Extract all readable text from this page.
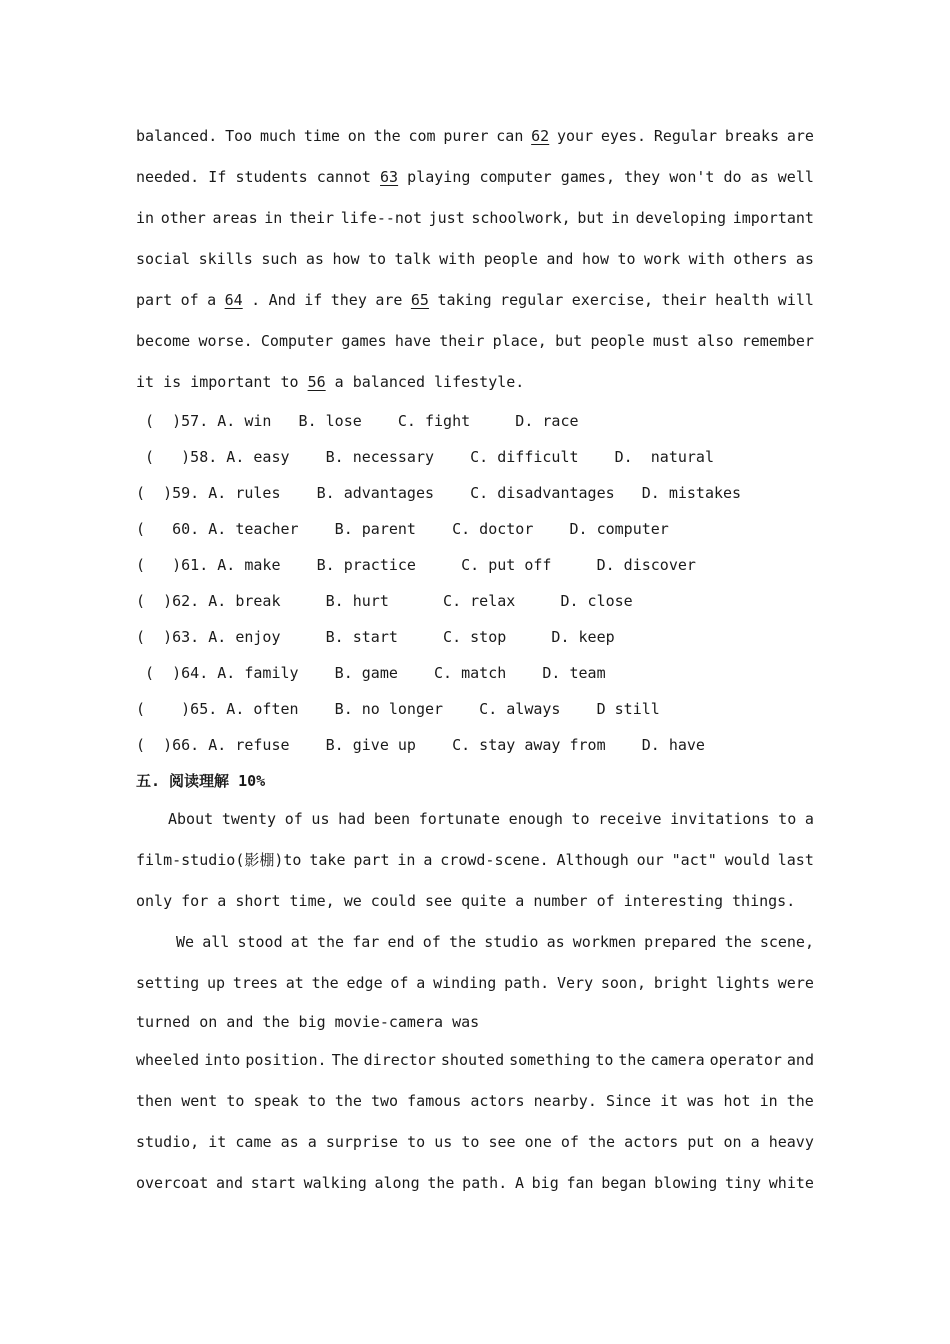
balanced. Too much time on the com purer can 62 your eyes. Regular breaks are
needed. If students cannot 63 playing computer games, they won't do as well
in other areas in their life--not just schoolwork, but in developing important
social skills such as how to talk with people and how to work with others as
part of a 64 . And if they are 65 taking regular exercise, their health will
become worse. Computer games have their place, but people must also remember
it is important to 56 a balanced lifestyle.
(  )57. A. win   B. lose    C. fight     D. race
(   )58. A. easy    B. necessary    C. difficult    D.  natural
(  )59. A. rules    B. advantages    C. disadvantages   D. mistakes
(   60. A. teacher    B. parent    C. doctor    D. computer
(   )61. A. make    B. practice     C. put off     D. discover
(  )62. A. break     B. hurt      C. relax     D. close
(  )63. A. enjoy     B. start     C. stop     D. keep
(  )64. A. family    B. game    C. match    D. team
(    )65. A. often    B. no longer    C. always    D still
(  )66. A. refuse    B. give up    C. stay away from    D. have
五. 阅读理解 10%
About twenty of us had been fortunate enough to receive invitations to a
film-studio(影棚)to take part in a crowd-scene. Although our "act" would last
only for a short time, we could see quite a number of interesting things.
We all stood at the far end of the studio as workmen prepared the scene,
setting up trees at the edge of a winding path. Very soon, bright lights were
turned on and the big movie-camera was
wheeled into position. The director shouted something to the camera operator and
then went to speak to the two famous actors nearby. Since it was hot in the
studio, it came as a surprise to us to see one of the actors put on a heavy
overcoat and start walking along the path. A big fan began blowing tiny white
